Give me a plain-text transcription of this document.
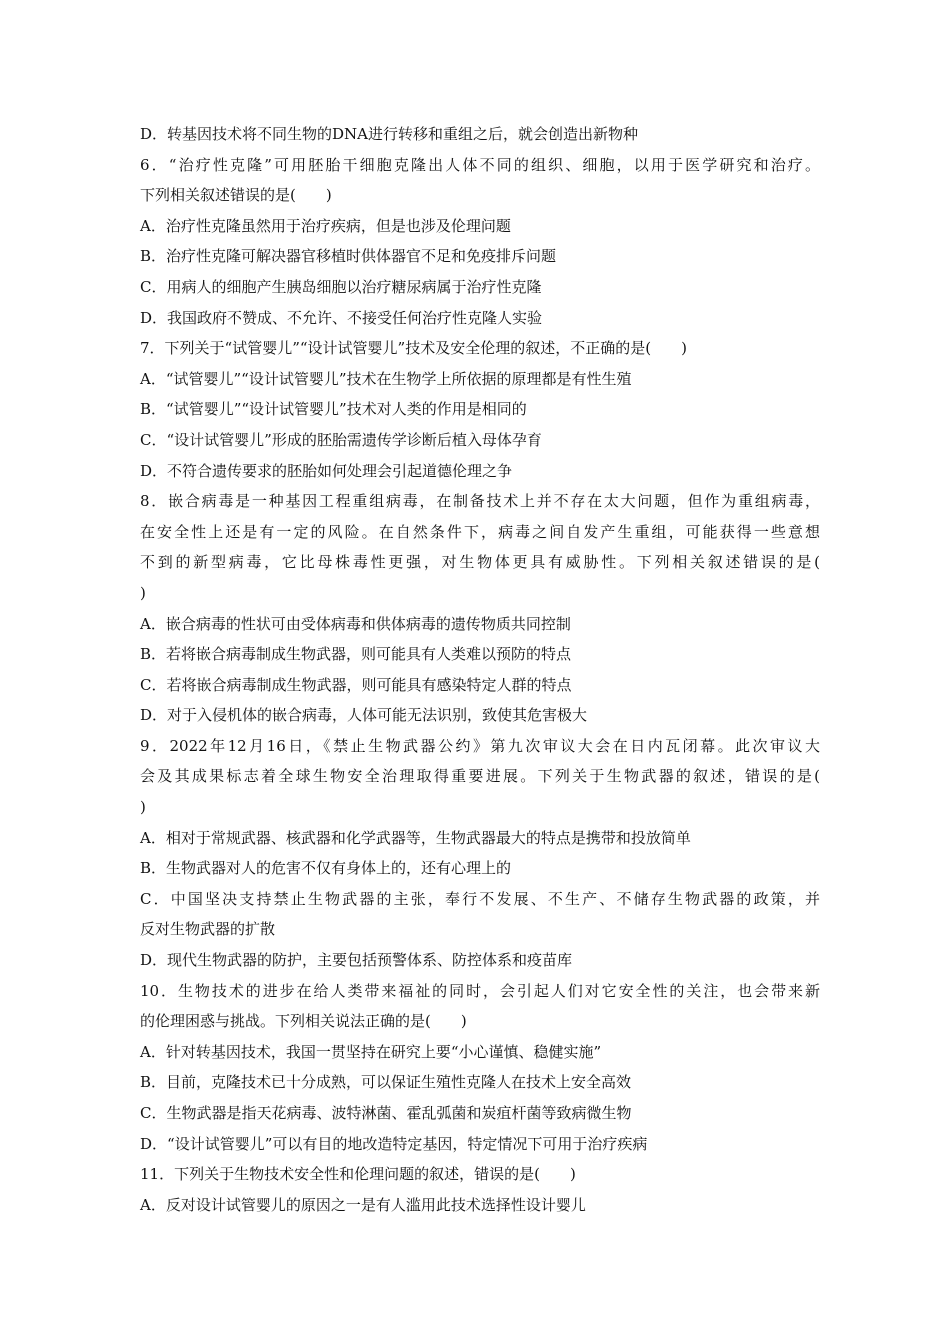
D．转基因技术将不同生物的DNA进行转移和重组之后，就会创造出新物种
6．“治疗性克隆”可用胚胎干细胞克隆出人体不同的组织、细胞，以用于医学研究和治疗。
下列相关叙述错误的是(　　)
A．治疗性克隆虽然用于治疗疾病，但是也涉及伦理问题
B．治疗性克隆可解决器官移植时供体器官不足和免疫排斥问题
C．用病人的细胞产生胰岛细胞以治疗糖尿病属于治疗性克隆
D．我国政府不赞成、不允许、不接受任何治疗性克隆人实验
7．下列关于“试管婴儿”“设计试管婴儿”技术及安全伦理的叙述，不正确的是(　　)
A．“试管婴儿”“设计试管婴儿”技术在生物学上所依据的原理都是有性生殖
B．“试管婴儿”“设计试管婴儿”技术对人类的作用是相同的
C．“设计试管婴儿”形成的胚胎需遗传学诊断后植入母体孕育
D．不符合遗传要求的胚胎如何处理会引起道德伦理之争
8．嵌合病毒是一种基因工程重组病毒，在制备技术上并不存在太大问题，但作为重组病毒，
在安全性上还是有一定的风险。在自然条件下，病毒之间自发产生重组，可能获得一些意想
不到的新型病毒，它比母株毒性更强，对生物体更具有威胁性。下列相关叙述错误的是(
)
A．嵌合病毒的性状可由受体病毒和供体病毒的遗传物质共同控制
B．若将嵌合病毒制成生物武器，则可能具有人类难以预防的特点
C．若将嵌合病毒制成生物武器，则可能具有感染特定人群的特点
D．对于入侵机体的嵌合病毒，人体可能无法识别，致使其危害极大
9．2022年12月16日，《禁止生物武器公约》第九次审议大会在日内瓦闭幕。此次审议大
会及其成果标志着全球生物安全治理取得重要进展。下列关于生物武器的叙述，错误的是(
)
A．相对于常规武器、核武器和化学武器等，生物武器最大的特点是携带和投放简单
B．生物武器对人的危害不仅有身体上的，还有心理上的
C．中国坚决支持禁止生物武器的主张，奉行不发展、不生产、不储存生物武器的政策，并
反对生物武器的扩散
D．现代生物武器的防护，主要包括预警体系、防控体系和疫苗库
10．生物技术的进步在给人类带来福祉的同时，会引起人们对它安全性的关注，也会带来新
的伦理困惑与挑战。下列相关说法正确的是(　　)
A．针对转基因技术，我国一贯坚持在研究上要“小心谨慎、稳健实施”
B．目前，克隆技术已十分成熟，可以保证生殖性克隆人在技术上安全高效
C．生物武器是指天花病毒、波特淋菌、霍乱弧菌和炭疽杆菌等致病微生物
D．“设计试管婴儿”可以有目的地改造特定基因，特定情况下可用于治疗疾病
11．下列关于生物技术安全性和伦理问题的叙述，错误的是(　　)
A．反对设计试管婴儿的原因之一是有人滥用此技术选择性设计婴儿
